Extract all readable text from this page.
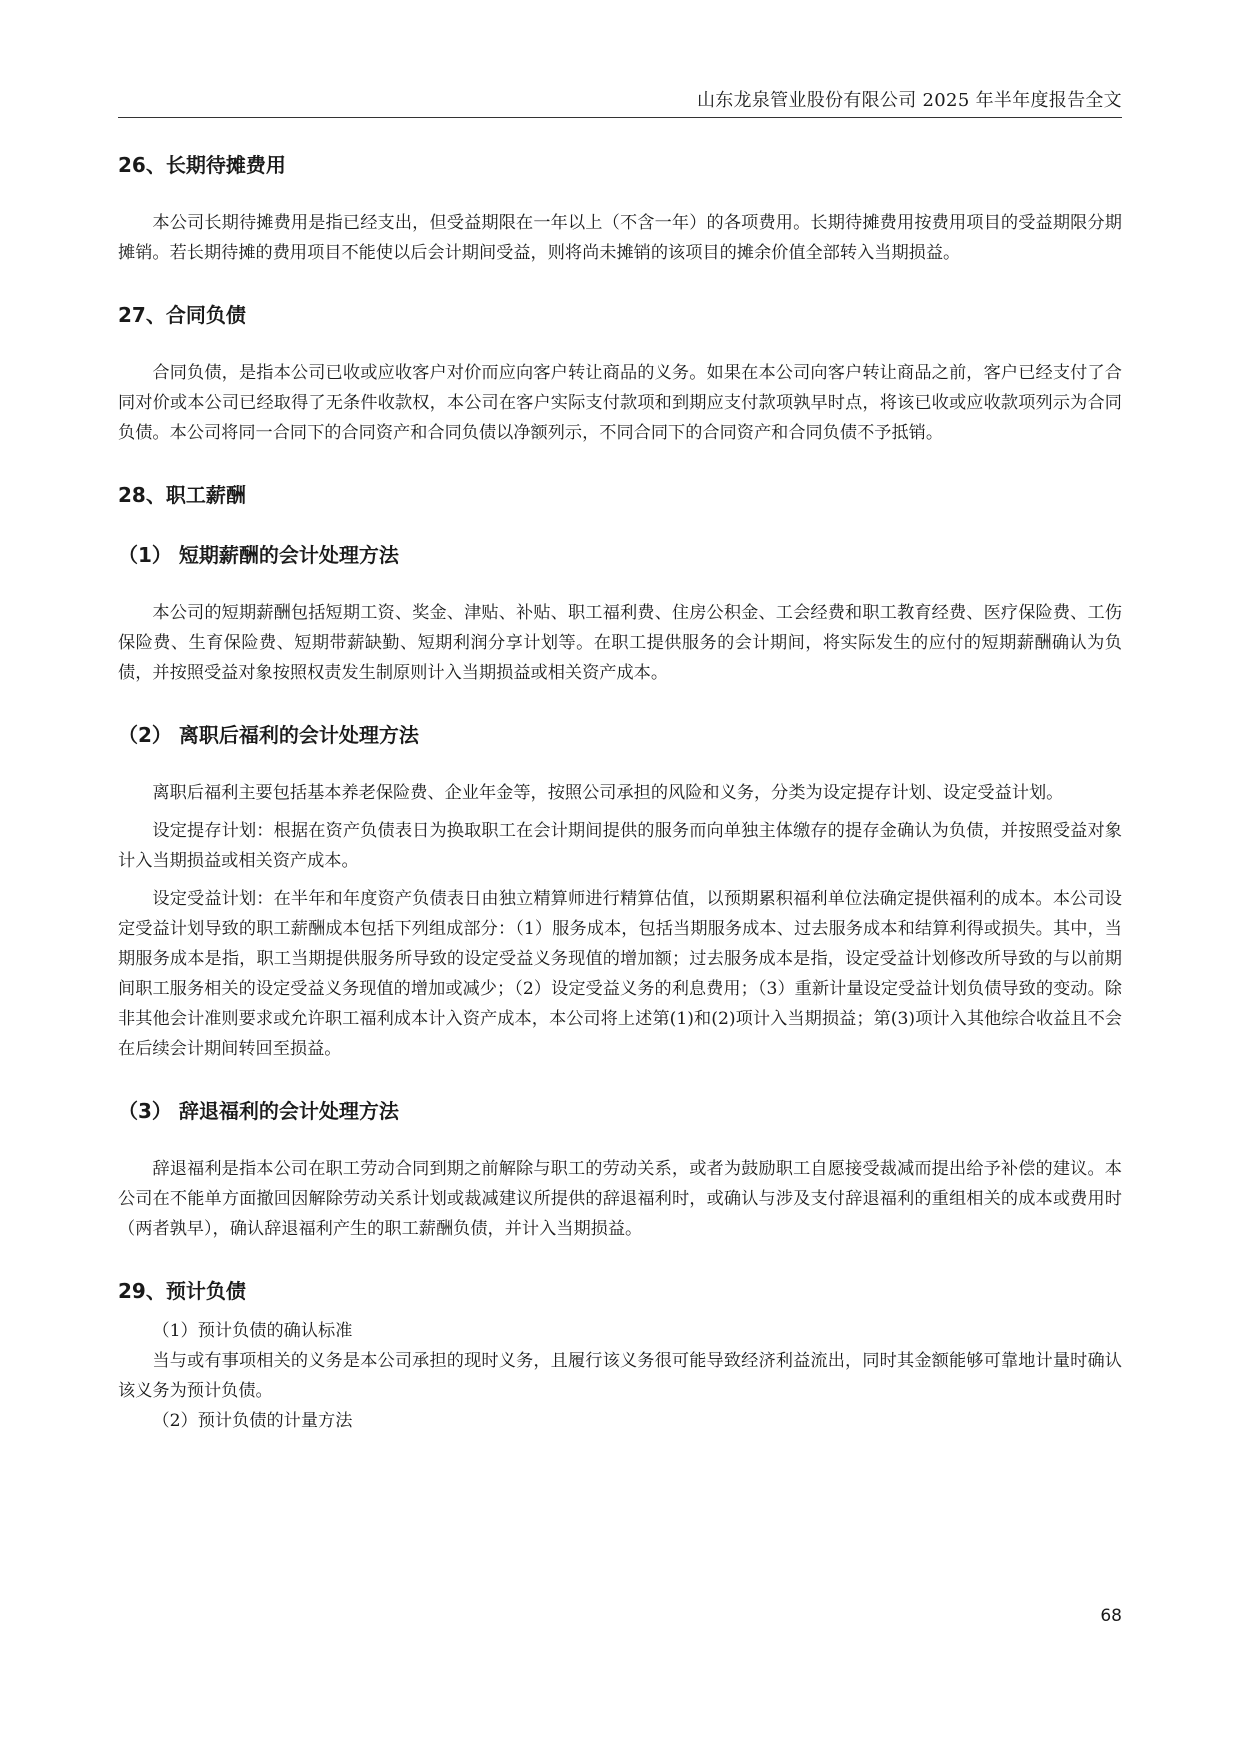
山东龙泉管业股份有限公司 2025 年半年度报告全文
26、长期待摊费用

本公司长期待摊费用是指已经支出，但受益期限在一年以上（不含一年）的各项费用。长期待摊费用按费用项目的受益期限分期摊销。若长期待摊的费用项目不能使以后会计期间受益，则将尚未摊销的该项目的摊余价值全部转入当期损益。

27、合同负债

合同负债，是指本公司已收或应收客户对价而应向客户转让商品的义务。如果在本公司向客户转让商品之前，客户已经支付了合同对价或本公司已经取得了无条件收款权，本公司在客户实际支付款项和到期应支付款项孰早时点，将该已收或应收款项列示为合同负债。本公司将同一合同下的合同资产和合同负债以净额列示，不同合同下的合同资产和合同负债不予抵销。

28、职工薪酬
（1） 短期薪酬的会计处理方法

本公司的短期薪酬包括短期工资、奖金、津贴、补贴、职工福利费、住房公积金、工会经费和职工教育经费、医疗保险费、工伤保险费、生育保险费、短期带薪缺勤、短期利润分享计划等。在职工提供服务的会计期间，将实际发生的应付的短期薪酬确认为负债，并按照受益对象按照权责发生制原则计入当期损益或相关资产成本。

（2） 离职后福利的会计处理方法

离职后福利主要包括基本养老保险费、企业年金等，按照公司承担的风险和义务，分类为设定提存计划、设定受益计划。

设定提存计划：根据在资产负债表日为换取职工在会计期间提供的服务而向单独主体缴存的提存金确认为负债，并按照受益对象计入当期损益或相关资产成本。

设定受益计划：在半年和年度资产负债表日由独立精算师进行精算估值，以预期累积福利单位法确定提供福利的成本。本公司设定受益计划导致的职工薪酬成本包括下列组成部分：（1）服务成本，包括当期服务成本、过去服务成本和结算利得或损失。其中，当期服务成本是指，职工当期提供服务所导致的设定受益义务现值的增加额；过去服务成本是指，设定受益计划修改所导致的与以前期间职工服务相关的设定受益义务现值的增加或减少；（2）设定受益义务的利息费用；（3）重新计量设定受益计划负债导致的变动。除非其他会计准则要求或允许职工福利成本计入资产成本，本公司将上述第(1)和(2)项计入当期损益；第(3)项计入其他综合收益且不会在后续会计期间转回至损益。

（3） 辞退福利的会计处理方法

辞退福利是指本公司在职工劳动合同到期之前解除与职工的劳动关系，或者为鼓励职工自愿接受裁减而提出给予补偿的建议。本公司在不能单方面撤回因解除劳动关系计划或裁减建议所提供的辞退福利时，或确认与涉及支付辞退福利的重组相关的成本或费用时（两者孰早），确认辞退福利产生的职工薪酬负债，并计入当期损益。

29、预计负债

（1）预计负债的确认标准

当与或有事项相关的义务是本公司承担的现时义务，且履行该义务很可能导致经济利益流出，同时其金额能够可靠地计量时确认该义务为预计负债。

（2）预计负债的计量方法

68
